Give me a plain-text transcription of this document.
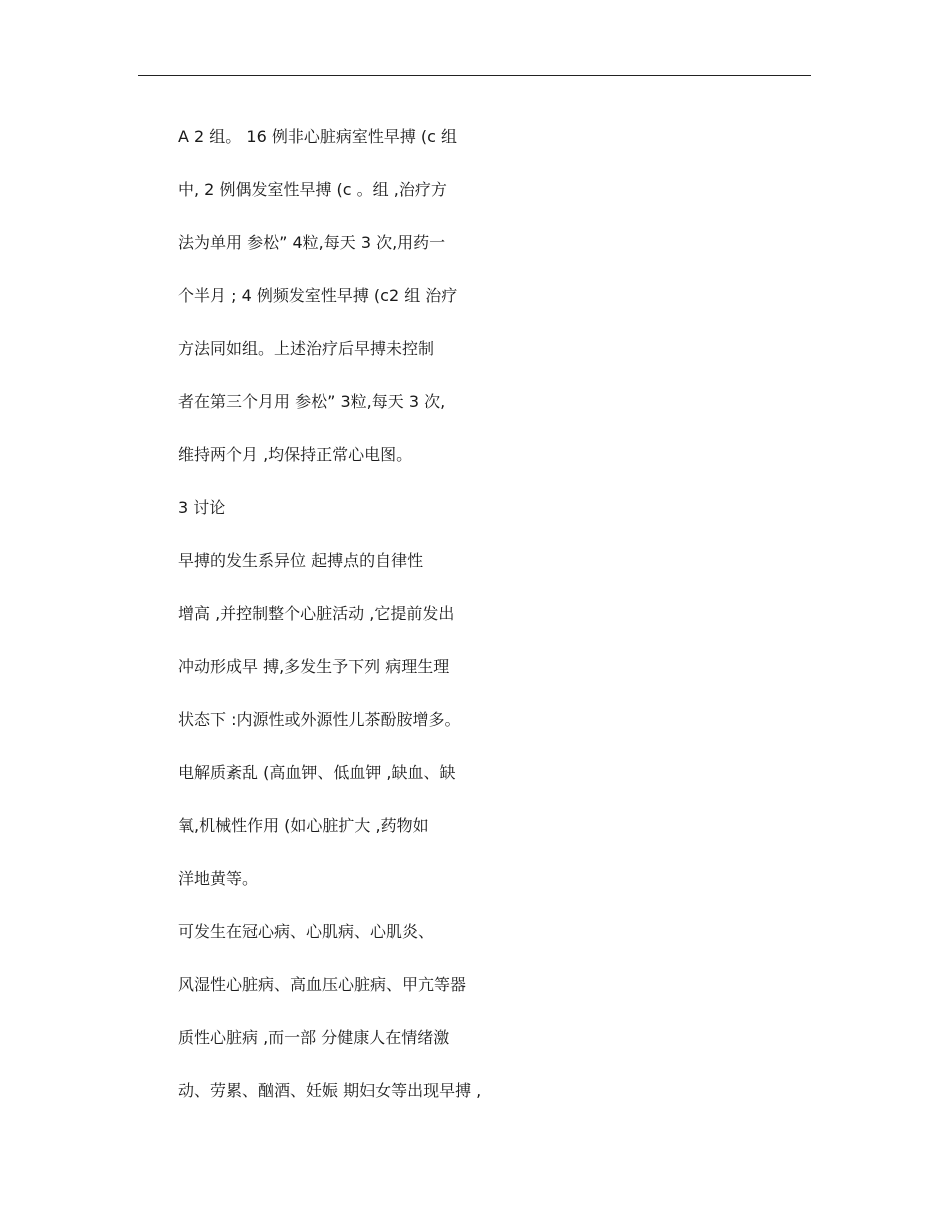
A 2 组。 16 例非心脏病室性早搏 (c 组
中, 2 例偶发室性早搏 (c 。组 ,治疗方
法为单用 参松” 4粒,每天 3 次,用药一
个半月 ; 4 例频发室性早搏 (c2 组 治疗
方法同如组。上述治疗后早搏未控制
者在第三个月用 参松” 3粒,每天 3 次,
维持两个月 ,均保持正常心电图。
3 讨论
早搏的发生系异位 起搏点的自律性
增高 ,并控制整个心脏活动 ,它提前发出
冲动形成早 搏,多发生予下列 病理生理
状态下 :内源性或外源性儿茶酚胺增多。
电解质紊乱 (高血钾、低血钾 ,缺血、缺
氧,机械性作用 (如心脏扩大 ,药物如
洋地黄等。
可发生在冠心病、心肌病、心肌炎、
风湿性心脏病、高血压心脏病、甲亢等器
质性心脏病 ,而一部 分健康人在情绪激
动、劳累、酗酒、妊娠 期妇女等出现早搏 ,
